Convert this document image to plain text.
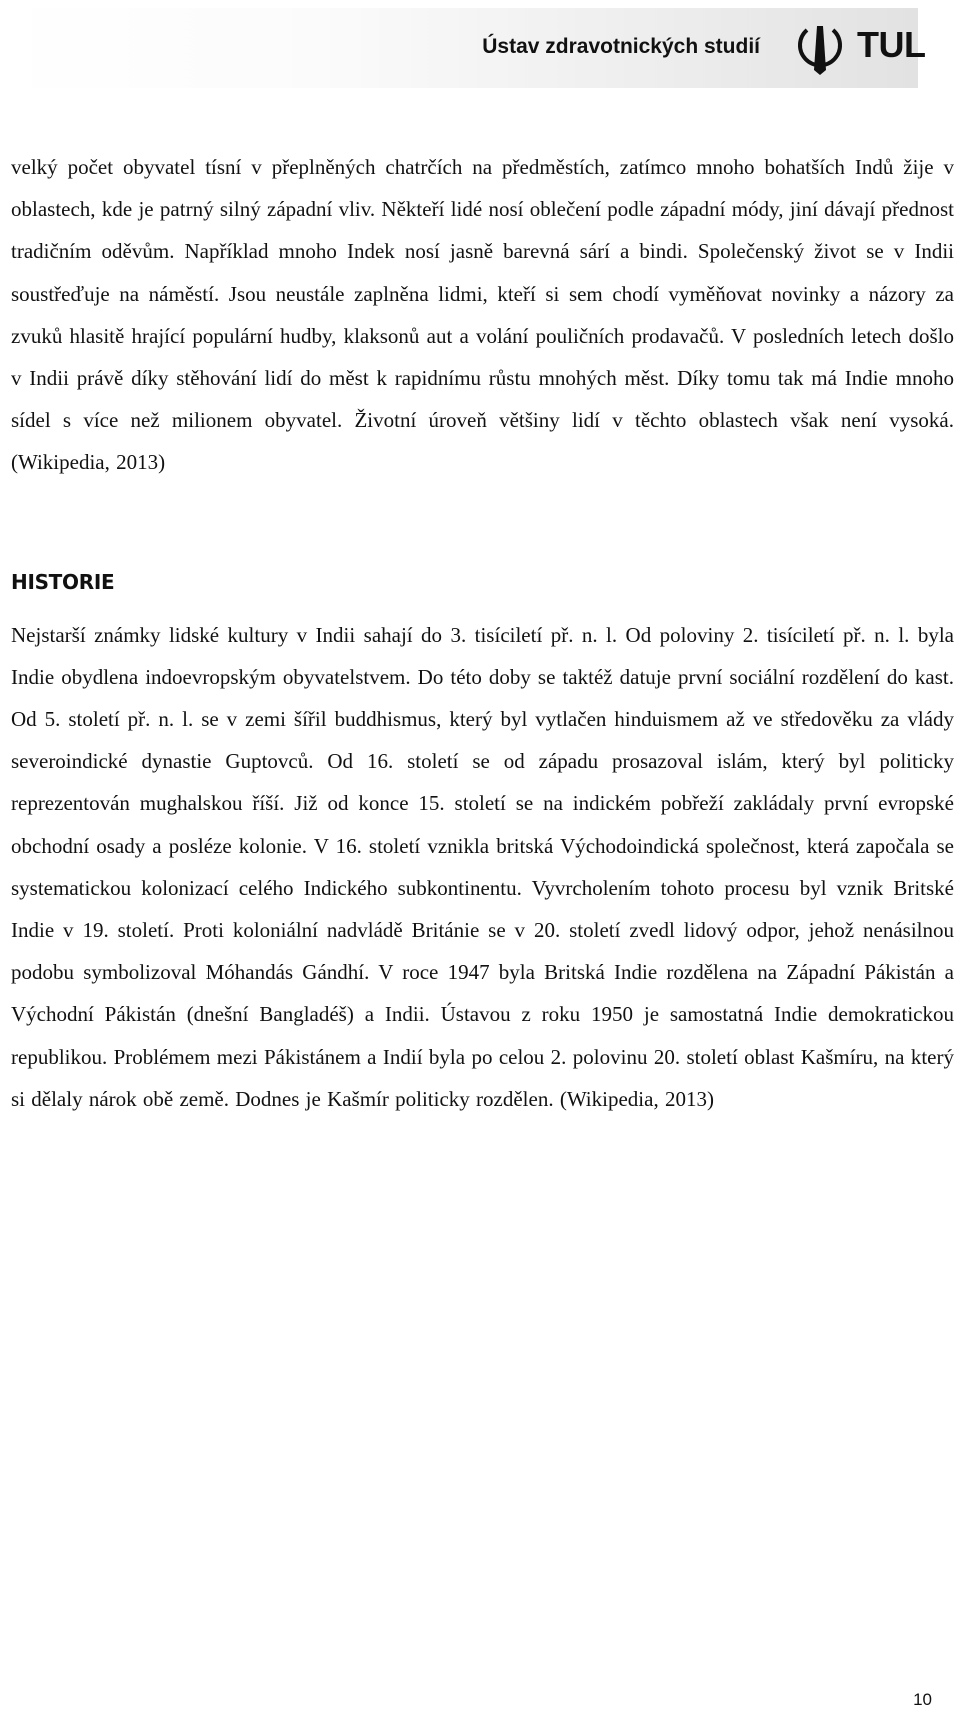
Ústav zdravotnických studií	TUL

velký počet obyvatel tísní v přeplněných chatrčích na předměstích, zatímco mnoho bohatších Indů žije v oblastech, kde je patrný silný západní vliv. Někteří lidé nosí oblečení podle západní módy, jiní dávají přednost tradičním oděvům. Například mnoho Indek nosí jasně barevná sárí a bindi. Společenský život se v Indii soustřeďuje na náměstí. Jsou neustále zaplněna lidmi, kteří si sem chodí vyměňovat novinky a názory za zvuků hlasitě hrající populární hudby, klaksonů aut a volání pouličních prodavačů. V posledních letech došlo v Indii právě díky stěhování lidí do měst k rapidnímu růstu mnohých měst. Díky tomu tak má Indie mnoho sídel s více než milionem obyvatel. Životní úroveň většiny lidí v těchto oblastech však není vysoká. (Wikipedia, 2013)

HISTORIE

Nejstarší známky lidské kultury v Indii sahají do 3. tisíciletí př. n. l. Od poloviny 2. tisíciletí př. n. l. byla Indie obydlena indoevropským obyvatelstvem. Do této doby se taktéž datuje první sociální rozdělení do kast. Od 5. století př. n. l. se v zemi šířil buddhismus, který byl vytlačen hinduismem až ve středověku za vlády severoindické dynastie Guptovců. Od 16. století se od západu prosazoval islám, který byl politicky reprezentován mughalskou říší. Již od konce 15. století se na indickém pobřeží zakládaly první evropské obchodní osady a posléze kolonie. V 16. století vznikla britská Východoindická společnost, která započala se systematickou kolonizací celého Indického subkontinentu. Vyvrcholením tohoto procesu byl vznik Britské Indie v 19. století. Proti koloniální nadvládě Británie se v 20. století zvedl lidový odpor, jehož nenásilnou podobu symbolizoval Móhandás Gándhí. V roce 1947 byla Britská Indie rozdělena na Západní Pákistán a Východní Pákistán (dnešní Bangladéš) a Indii. Ústavou z roku 1950 je samostatná Indie demokratickou republikou. Problémem mezi Pákistánem a Indií byla po celou 2. polovinu 20. století oblast Kašmíru, na který si dělaly nárok obě země. Dodnes je Kašmír politicky rozdělen. (Wikipedia, 2013)

10
